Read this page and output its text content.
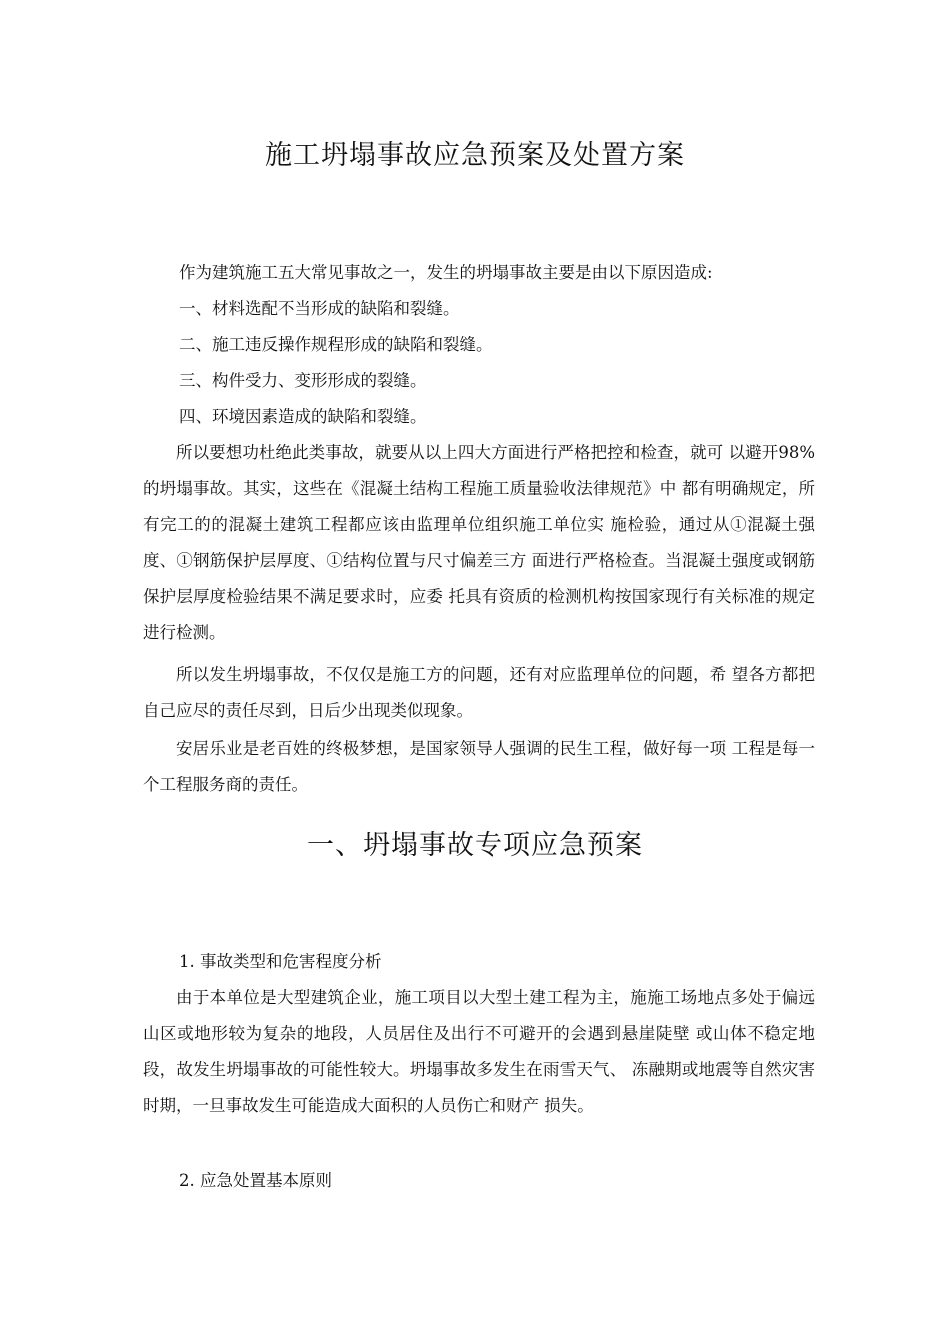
施工坍塌事故应急预案及处置方案

作为建筑施工五大常见事故之一，发生的坍塌事故主要是由以下原因造成:

一、材料选配不当形成的缺陷和裂缝。

二、施工违反操作规程形成的缺陷和裂缝。

三、构件受力、变形形成的裂缝。

四、环境因素造成的缺陷和裂缝。

所以要想功杜绝此类事故，就要从以上四大方面进行严格把控和检查，就可 以避开98%的坍塌事故。其实，这些在《混凝土结构工程施工质量验收法律规范》中 都有明确规定，所有完工的的混凝土建筑工程都应该由监理单位组织施工单位实 施检验，通过从①混凝土强度、①钢筋保护层厚度、①结构位置与尺寸偏差三方 面进行严格检查。当混凝土强度或钢筋保护层厚度检验结果不满足要求时，应委 托具有资质的检测机构按国家现行有关标准的规定进行检测。

所以发生坍塌事故，不仅仅是施工方的问题，还有对应监理单位的问题，希 望各方都把自己应尽的责任尽到，日后少出现类似现象。

安居乐业是老百姓的终极梦想，是国家领导人强调的民生工程，做好每一项 工程是每一个工程服务商的责任。

一、坍塌事故专项应急预案

1. 事故类型和危害程度分析

由于本单位是大型建筑企业，施工项目以大型土建工程为主，施施工场地点多处于偏远山区或地形较为复杂的地段，人员居住及出行不可避开的会遇到悬崖陡壁 或山体不稳定地段，故发生坍塌事故的可能性较大。坍塌事故多发生在雨雪天气、 冻融期或地震等自然灾害时期，一旦事故发生可能造成大面积的人员伤亡和财产 损失。

2. 应急处置基本原则
